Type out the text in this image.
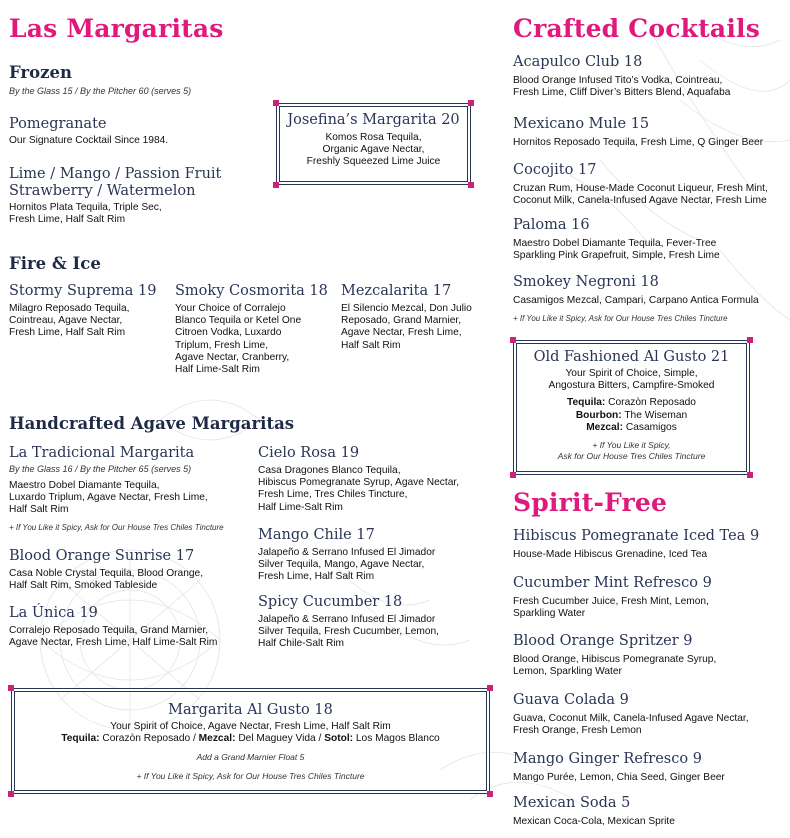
Las Margaritas
Frozen
By the Glass 15 / By the Pitcher 60 (serves 5)
Pomegranate
Our Signature Cocktail Since 1984.
Lime / Mango / Passion Fruit
Strawberry / Watermelon
Hornitos Plata Tequila, Triple Sec,
Fresh Lime, Half Salt Rim
Josefina’s Margarita 20
Komos Rosa Tequila,
Organic Agave Nectar,
Freshly Squeezed Lime Juice
Fire & Ice
Stormy Suprema 19
Milagro Reposado Tequila,
Cointreau, Agave Nectar,
Fresh Lime, Half Salt Rim
Smoky Cosmorita 18
Your Choice of Corralejo
Blanco Tequila or Ketel One
Citroen Vodka, Luxardo
Triplum, Fresh Lime,
Agave Nectar, Cranberry,
Half Lime-Salt Rim
Mezcalarita 17
El Silencio Mezcal, Don Julio
Reposado, Grand Marnier,
Agave Nectar, Fresh Lime,
Half Salt Rim
Handcrafted Agave Margaritas
La Tradicional Margarita
By the Glass 16 / By the Pitcher 65 (serves 5)
Maestro Dobel Diamante Tequila,
Luxardo Triplum, Agave Nectar, Fresh Lime,
Half Salt Rim
+ If You Like it Spicy, Ask for Our House Tres Chiles Tincture
Blood Orange Sunrise 17
Casa Noble Crystal Tequila, Blood Orange,
Half Salt Rim, Smoked Tableside
La Única 19
Corralejo Reposado Tequila, Grand Marnier,
Agave Nectar, Fresh Lime, Half Lime-Salt Rim
Cielo Rosa 19
Casa Dragones Blanco Tequila,
Hibiscus Pomegranate Syrup, Agave Nectar,
Fresh Lime, Tres Chiles Tincture,
Half Lime-Salt Rim
Mango Chile 17
Jalapeño & Serrano Infused El Jimador
Silver Tequila, Mango, Agave Nectar,
Fresh Lime, Half Salt Rim
Spicy Cucumber 18
Jalapeño & Serrano Infused El Jimador
Silver Tequila, Fresh Cucumber, Lemon,
Half Chile-Salt Rim
Margarita Al Gusto 18
Your Spirit of Choice, Agave Nectar, Fresh Lime, Half Salt Rim
Tequila: Corazòn Reposado / Mezcal: Del Maguey Vida / Sotol: Los Magos Blanco
Add a Grand Marnier Float 5
+ If You Like it Spicy, Ask for Our House Tres Chiles Tincture
Crafted Cocktails
Acapulco Club 18
Blood Orange Infused Tito’s Vodka, Cointreau,
Fresh Lime, Cliff Diver’s Bitters Blend, Aquafaba
Mexicano Mule 15
Hornitos Reposado Tequila, Fresh Lime, Q Ginger Beer
Cocojito 17
Cruzan Rum, House-Made Coconut Liqueur, Fresh Mint,
Coconut Milk, Canela-Infused Agave Nectar, Fresh Lime
Paloma 16
Maestro Dobel Diamante Tequila, Fever-Tree
Sparkling Pink Grapefruit, Simple, Fresh Lime
Smokey Negroni 18
Casamigos Mezcal, Campari, Carpano Antica Formula
+ If You Like it Spicy, Ask for Our House Tres Chiles Tincture
Old Fashioned Al Gusto 21
Your Spirit of Choice, Simple,
Angostura Bitters, Campfire-Smoked
Tequila: Corazòn Reposado
Bourbon: The Wiseman
Mezcal: Casamigos
+ If You Like it Spicy,
Ask for Our House Tres Chiles Tincture
Spirit-Free
Hibiscus Pomegranate Iced Tea 9
House-Made Hibiscus Grenadine, Iced Tea
Cucumber Mint Refresco 9
Fresh Cucumber Juice, Fresh Mint, Lemon,
Sparkling Water
Blood Orange Spritzer 9
Blood Orange, Hibiscus Pomegranate Syrup,
Lemon, Sparkling Water
Guava Colada 9
Guava, Coconut Milk, Canela-Infused Agave Nectar,
Fresh Orange, Fresh Lemon
Mango Ginger Refresco 9
Mango Purée, Lemon, Chia Seed, Ginger Beer
Mexican Soda 5
Mexican Coca-Cola, Mexican Sprite
